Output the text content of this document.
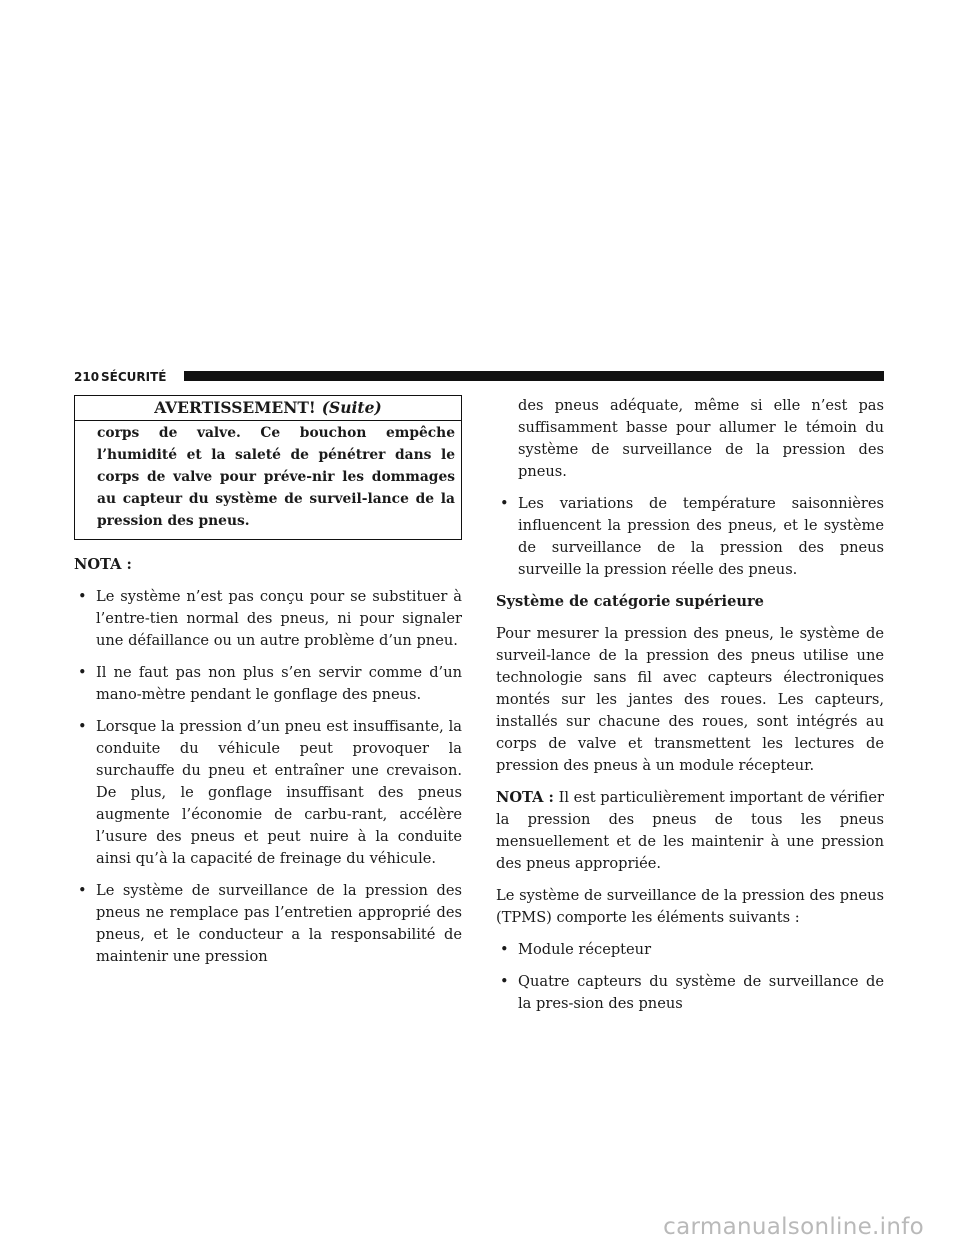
210 SÉCURITÉ
AVERTISSEMENT! (Suite)
corps de valve. Ce bouchon empêche l’humidité et la saleté de pénétrer dans le corps de valve pour préve-nir les dommages au capteur du système de surveil-lance de la pression des pneus.
NOTA :
• Le système n’est pas conçu pour se substituer à l’entre-tien normal des pneus, ni pour signaler une défaillance ou un autre problème d’un pneu.
• Il ne faut pas non plus s’en servir comme d’un mano-mètre pendant le gonflage des pneus.
• Lorsque la pression d’un pneu est insuffisante, la conduite du véhicule peut provoquer la surchauffe du pneu et entraîner une crevaison. De plus, le gonflage insuffisant des pneus augmente l’économie de carbu-rant, accélère l’usure des pneus et peut nuire à la conduite ainsi qu’à la capacité de freinage du véhicule.
• Le système de surveillance de la pression des pneus ne remplace pas l’entretien approprié des pneus, et le conducteur a la responsabilité de maintenir une pression
des pneus adéquate, même si elle n’est pas suffisamment basse pour allumer le témoin du système de surveillance de la pression des pneus.
• Les variations de température saisonnières influencent la pression des pneus, et le système de surveillance de la pression des pneus surveille la pression réelle des pneus.
Système de catégorie supérieure

Pour mesurer la pression des pneus, le système de surveil-lance de la pression des pneus utilise une technologie sans fil avec capteurs électroniques montés sur les jantes des roues. Les capteurs, installés sur chacune des roues, sont intégrés au corps de valve et transmettent les lectures de pression des pneus à un module récepteur.

NOTA : Il est particulièrement important de vérifier la pression des pneus de tous les pneus mensuellement et de les maintenir à une pression des pneus appropriée.

Le système de surveillance de la pression des pneus (TPMS) comporte les éléments suivants :

• Module récepteur
• Quatre capteurs du système de surveillance de la pres-sion des pneus
carmanualsonline.info
